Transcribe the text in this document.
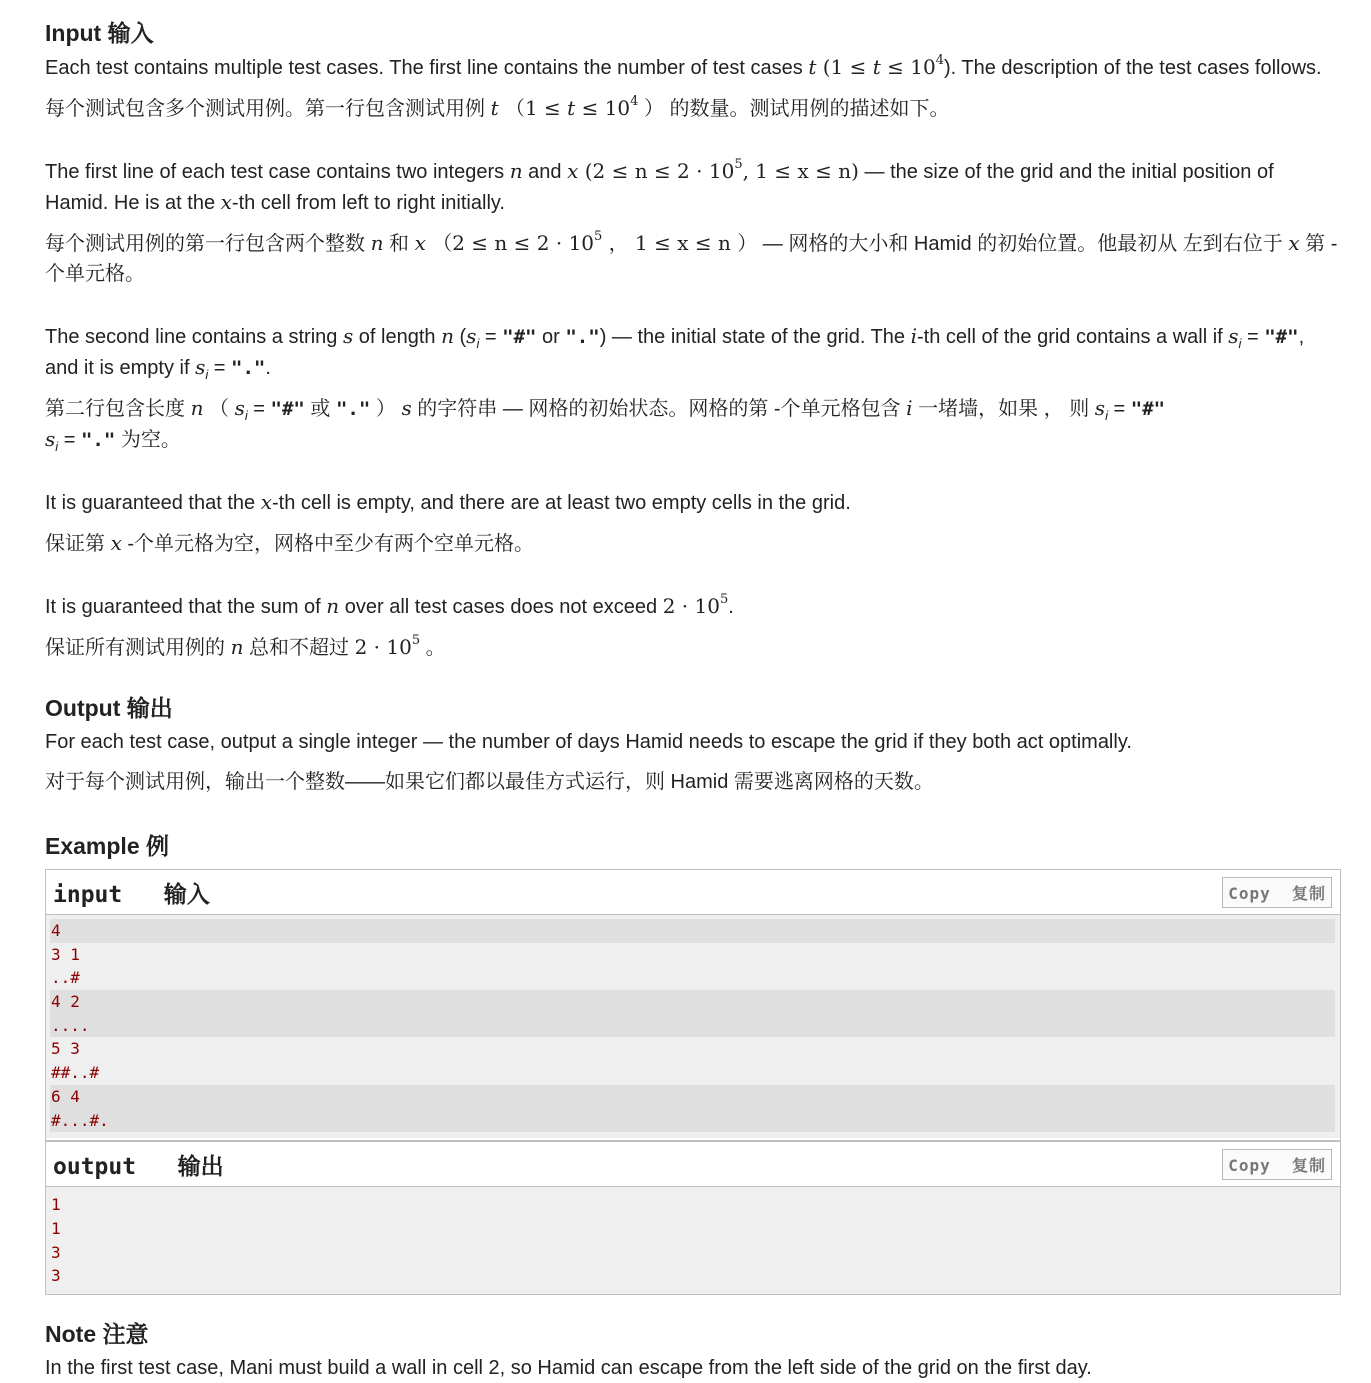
Input 输入

Each test contains multiple test cases. The first line contains the number of test cases t $(1 \le t \le 10^4)$. The description of the test cases follows.

每个测试包含多个测试用例。第一行包含测试用例 t （$1 \le t \le 10^4$ ） 的数量。测试用例的描述如下。

The first line of each test case contains two integers n and x ($2 \le n \le 2 \cdot 10^5$, 1 ≤ x ≤ n) — the size of the grid and the initial position of Hamid. He is at the x-th cell from left to right initially.

每个测试用例的第一行包含两个整数 n 和 x （$2 \le n \le 2 \cdot 10^5$ ， 1 ≤ x ≤ n ） — 网格的大小和 Hamid 的初始位置。他最初从 左到右位于 x 第 - 个单元格。

The second line contains a string s of length n ($s_i$ = "#" or ".") — the initial state of the grid. The i-th cell of the grid contains a wall if $s_i$ = "#", and it is empty if $s_i$ = ".".

第二行包含长度 n （ $s_i$ = "#" 或 "." ） s 的字符串 — 网格的初始状态。网格的第 -个单元格包含 i 一堵墙，如果 ， 则 $s_i$ = "#"
$s_i$ = "." 为空。

It is guaranteed that the x-th cell is empty, and there are at least two empty cells in the grid.

保证第 x -个单元格为空，网格中至少有两个空单元格。

It is guaranteed that the sum of n over all test cases does not exceed $2 \cdot 10^5$.

保证所有测试用例的 n 总和不超过 $2 \cdot 10^5$ 。

Output 输出

For each test case, output a single integer — the number of days Hamid needs to escape the grid if they both act optimally.

对于每个测试用例，输出一个整数——如果它们都以最佳方式运行，则 Hamid 需要逃离网格的天数。

Example 例
input   输入	Copy  复制
4
3 1
..#
4 2
....
5 3
##..#
6 4
#...#.
output   输出	Copy  复制
1
1
3
3
Note 注意

In the first test case, Mani must build a wall in cell 2, so Hamid can escape from the left side of the grid on the first day.
